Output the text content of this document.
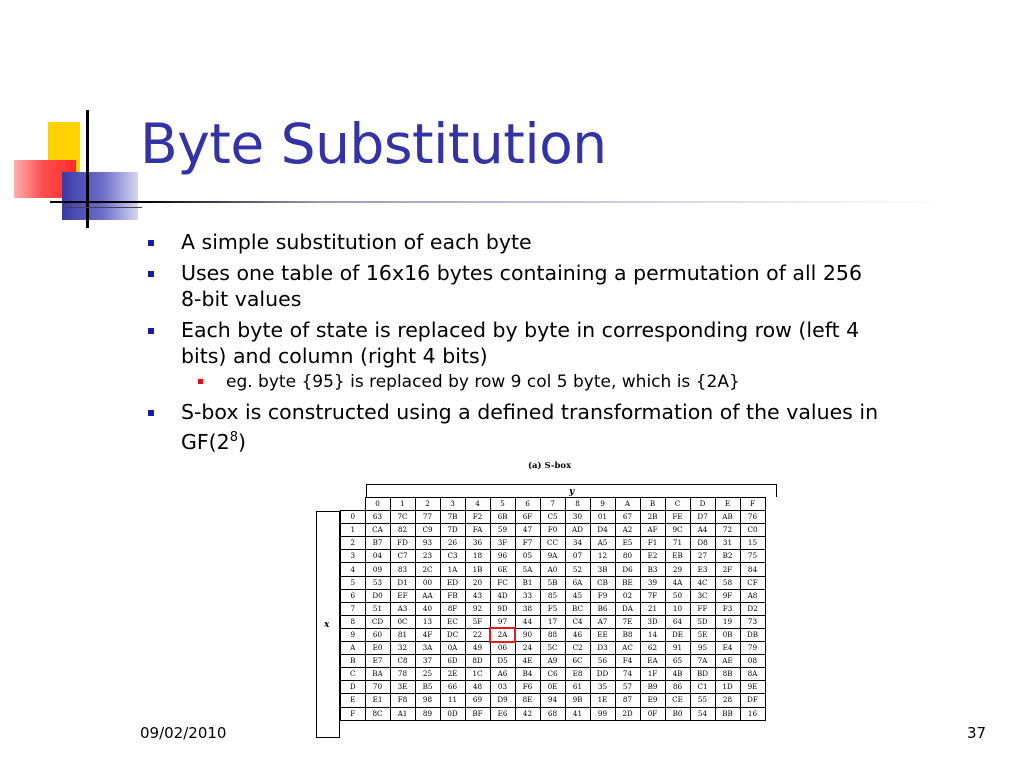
Byte Substitution
A simple substitution of each byte
Uses one table of 16x16 bytes containing a permutation of all 256 8-bit values
Each byte of state is replaced by byte in corresponding row (left 4 bits) and column (right 4 bits)
eg. byte {95} is replaced by row 9 col 5 byte, which is {2A}
S-box is constructed using a defined transformation of the values in $GF(2^8)$
(a) S-box
y
x
	0	1	2	3	4	5	6	7	8	9	A	B	C	D	E	F
0	63	7C	77	7B	F2	6B	6F	C5	30	01	67	2B	FE	D7	AB	76
1	CA	82	C9	7D	FA	59	47	F0	AD	D4	A2	AF	9C	A4	72	C0
2	B7	FD	93	26	36	3F	F7	CC	34	A5	E5	F1	71	D8	31	15
3	04	C7	23	C3	18	96	05	9A	07	12	80	E2	EB	27	B2	75
4	09	83	2C	1A	1B	6E	5A	A0	52	3B	D6	B3	29	E3	2F	84
5	53	D1	00	ED	20	FC	B1	5B	6A	CB	BE	39	4A	4C	58	CF
6	D0	EF	AA	FB	43	4D	33	85	45	F9	02	7F	50	3C	9F	A8
7	51	A3	40	8F	92	9D	38	F5	BC	B6	DA	21	10	FF	F3	D2
8	CD	0C	13	EC	5F	97	44	17	C4	A7	7E	3D	64	5D	19	73
9	60	81	4F	DC	22	2A	90	88	46	EE	B8	14	DE	5E	0B	DB
A	E0	32	3A	0A	49	06	24	5C	C2	D3	AC	62	91	95	E4	79
B	E7	C8	37	6D	8D	D5	4E	A9	6C	56	F4	EA	65	7A	AE	08
C	BA	78	25	2E	1C	A6	B4	C6	E8	DD	74	1F	4B	BD	8B	8A
D	70	3E	B5	66	48	03	F6	0E	61	35	57	B9	86	C1	1D	9E
E	E1	F8	98	11	69	D9	8E	94	9B	1E	87	E9	CE	55	28	DF
F	8C	A1	89	0D	BF	E6	42	68	41	99	2D	0F	B0	54	BB	16
09/02/2010	37
